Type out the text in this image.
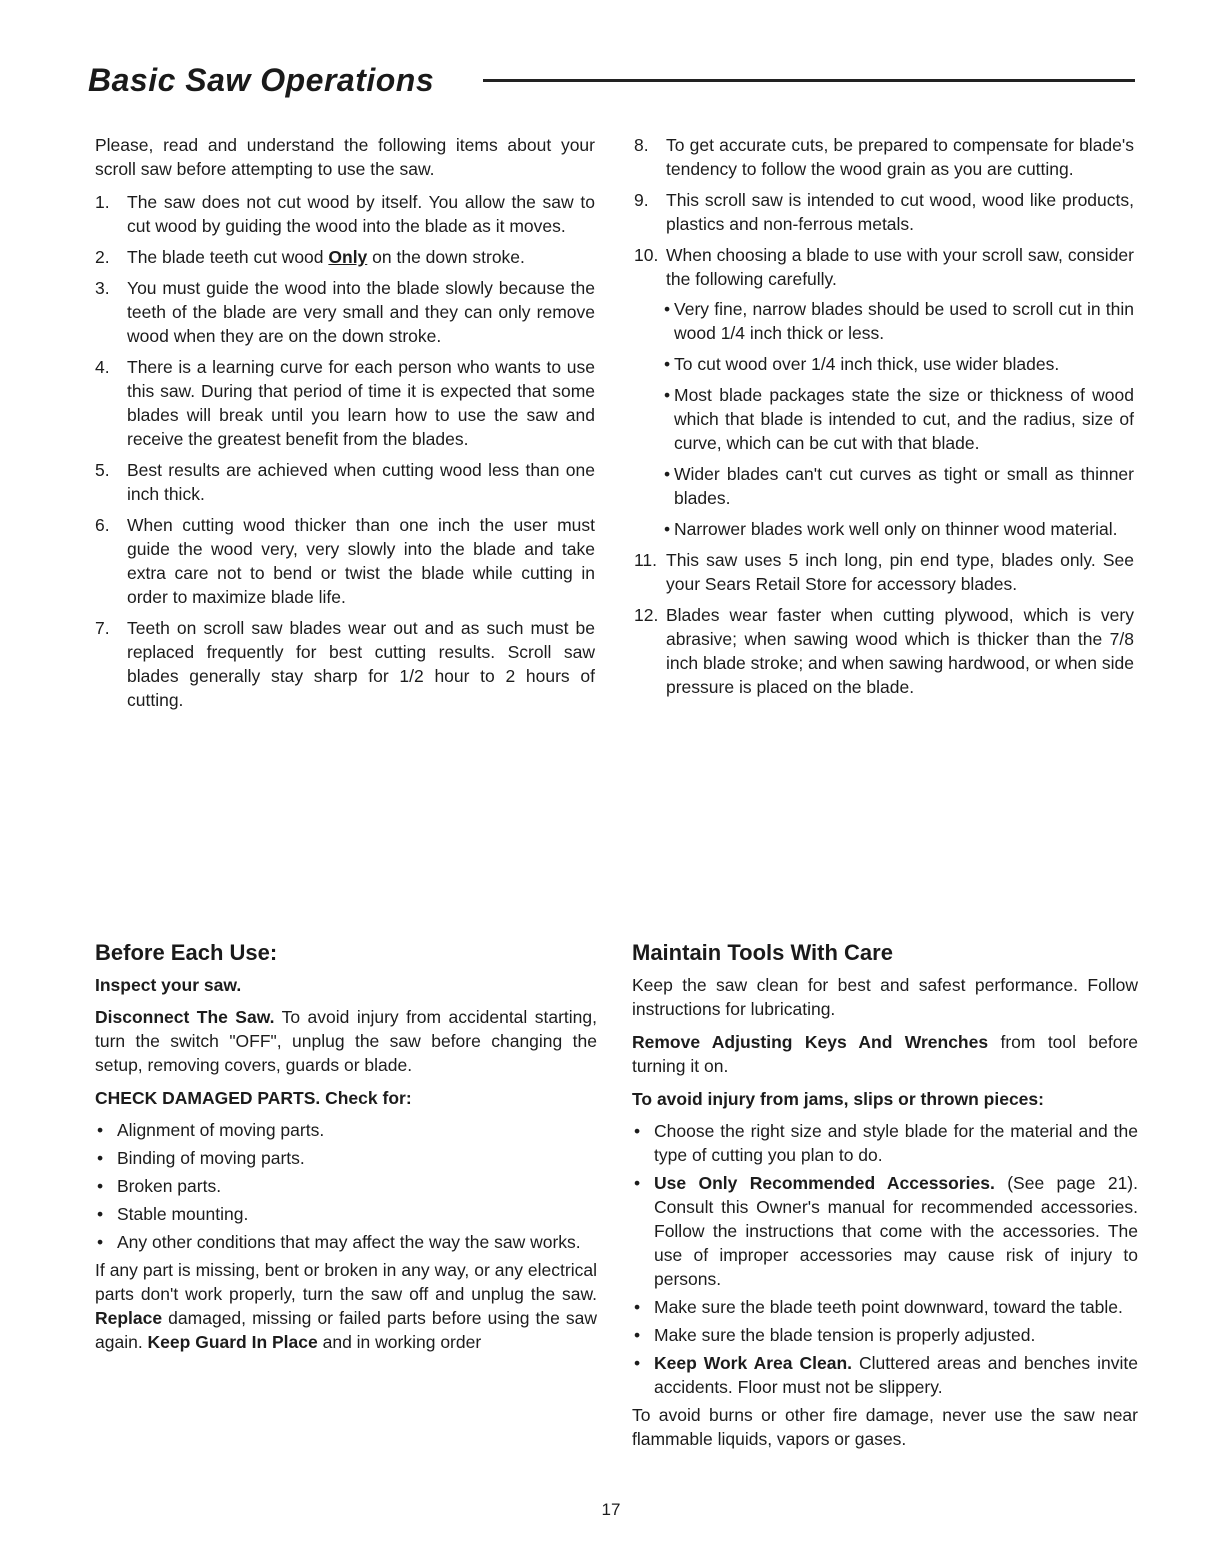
Basic Saw Operations

Please, read and understand the following items about your scroll saw before attempting to use the saw.

1. The saw does not cut wood by itself. You allow the saw to cut wood by guiding the wood into the blade as it moves.
2. The blade teeth cut wood Only on the down stroke.
3. You must guide the wood into the blade slowly because the teeth of the blade are very small and they can only remove wood when they are on the down stroke.
4. There is a learning curve for each person who wants to use this saw. During that period of time it is expected that some blades will break until you learn how to use the saw and receive the greatest benefit from the blades.
5. Best results are achieved when cutting wood less than one inch thick.
6. When cutting wood thicker than one inch the user must guide the wood very, very slowly into the blade and take extra care not to bend or twist the blade while cutting in order to maximize blade life.
7. Teeth on scroll saw blades wear out and as such must be replaced frequently for best cutting results. Scroll saw blades generally stay sharp for 1/2 hour to 2 hours of cutting.
8. To get accurate cuts, be prepared to compensate for blade's tendency to follow the wood grain as you are cutting.
9. This scroll saw is intended to cut wood, wood like products, plastics and non-ferrous metals.
10. When choosing a blade to use with your scroll saw, consider the following carefully.
• Very fine, narrow blades should be used to scroll cut in thin wood 1/4 inch thick or less.
• To cut wood over 1/4 inch thick, use wider blades.
• Most blade packages state the size or thickness of wood which that blade is intended to cut, and the radius, size of curve, which can be cut with that blade.
• Wider blades can't cut curves as tight or small as thinner blades.
• Narrower blades work well only on thinner wood material.
11. This saw uses 5 inch long, pin end type, blades only. See your Sears Retail Store for accessory blades.
12. Blades wear faster when cutting plywood, which is very abrasive; when sawing wood which is thicker than the 7/8 inch blade stroke; and when sawing hardwood, or when side pressure is placed on the blade.
Before Each Use:
Inspect your saw.

Disconnect The Saw. To avoid injury from accidental starting, turn the switch "OFF", unplug the saw before changing the setup, removing covers, guards or blade.

CHECK DAMAGED PARTS. Check for:
• Alignment of moving parts.
• Binding of moving parts.
• Broken parts.
• Stable mounting.
• Any other conditions that may affect the way the saw works.

If any part is missing, bent or broken in any way, or any electrical parts don't work properly, turn the saw off and unplug the saw. Replace damaged, missing or failed parts before using the saw again. Keep Guard In Place and in working order

Maintain Tools With Care

Keep the saw clean for best and safest performance. Follow instructions for lubricating.

Remove Adjusting Keys And Wrenches from tool before turning it on.

To avoid injury from jams, slips or thrown pieces:
• Choose the right size and style blade for the material and the type of cutting you plan to do.
• Use Only Recommended Accessories. (See page 21). Consult this Owner's manual for recommended accessories. Follow the instructions that come with the accessories. The use of improper accessories may cause risk of injury to persons.
• Make sure the blade teeth point downward, toward the table.
• Make sure the blade tension is properly adjusted.
• Keep Work Area Clean. Cluttered areas and benches invite accidents. Floor must not be slippery.

To avoid burns or other fire damage, never use the saw near flammable liquids, vapors or gases.

17
